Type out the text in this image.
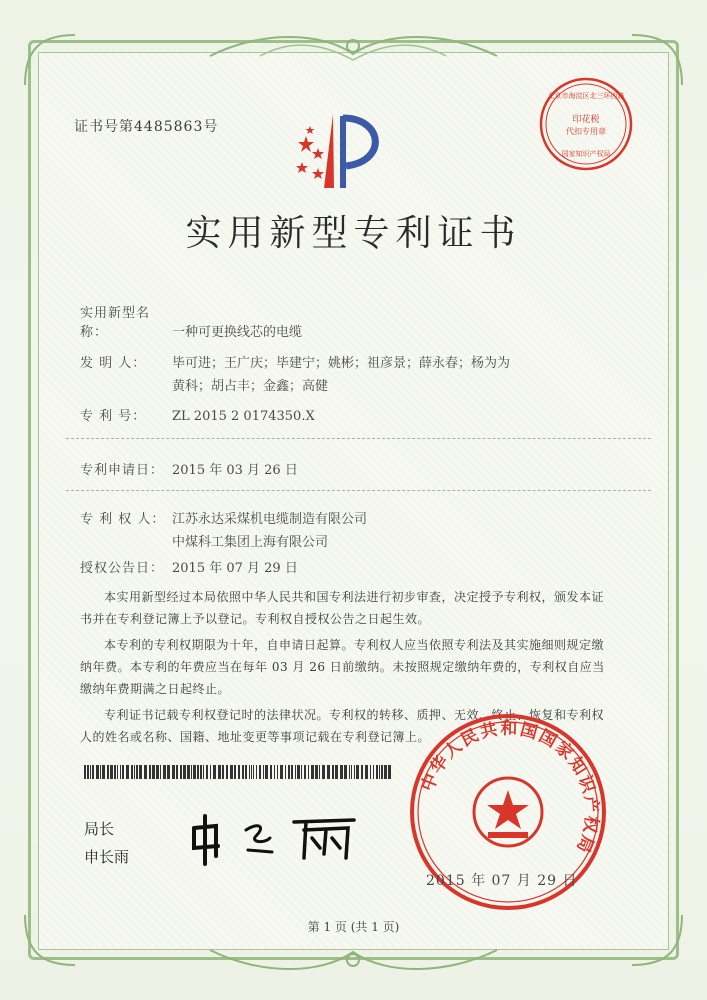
证书号第4485863号	印花税
代扣专用章
北京市海淀区北三环西路
国家知识产权局
实用新型专利证书
实用新型名称：	一种可更换线芯的电缆
发 明 人： 毕可进；王广庆；毕建宁；姚彬；祖彦景；薛永春；杨为为
黄科；胡占丰；金鑫；高健
专 利 号： ZL 2015 2 0174350.X
专利申请日： 2015 年 03 月 26 日
专 利 权 人： 江苏永达采煤机电缆制造有限公司
中煤科工集团上海有限公司
授权公告日： 2015 年 07 月 29 日

本实用新型经过本局依照中华人民共和国专利法进行初步审查，决定授予专利权，颁发本证书并在专利登记簿上予以登记。专利权自授权公告之日起生效。

本专利的专利权期限为十年，自申请日起算。专利权人应当依照专利法及其实施细则规定缴纳年费。本专利的年费应当在每年 03 月 26 日前缴纳。未按照规定缴纳年费的，专利权自应当缴纳年费期满之日起终止。

专利证书记载专利权登记时的法律状况。专利权的转移、质押、无效、终止、恢复和专利权人的姓名或名称、国籍、地址变更等事项记载在专利登记簿上。

局长
申长雨
中华人民共和国国家知识产权局
2015 年 07 月 29 日
第 1 页 (共 1 页)
